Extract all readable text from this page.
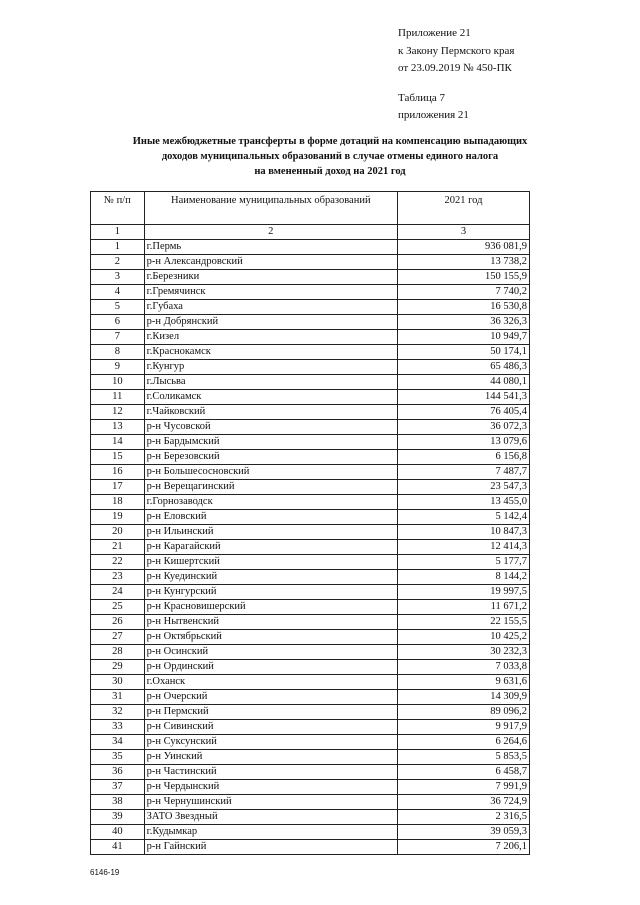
Приложение 21
к Закону Пермского края
от 23.09.2019 № 450-ПК
Таблица 7
приложения 21
Иные межбюджетные трансферты в форме дотаций на компенсацию выпадающих
доходов муниципальных образований в случае отмены единого налога
на вмененный доход на 2021 год
№ п/п	Наименование муниципальных образований	2021 год
1	2	3
1	г.Пермь	936 081,9
2	р-н Александровский	13 738,2
3	г.Березники	150 155,9
4	г.Гремячинск	7 740,2
5	г.Губаха	16 530,8
6	р-н Добрянский	36 326,3
7	г.Кизел	10 949,7
8	г.Краснокамск	50 174,1
9	г.Кунгур	65 486,3
10	г.Лысьва	44 080,1
11	г.Соликамск	144 541,3
12	г.Чайковский	76 405,4
13	р-н Чусовской	36 072,3
14	р-н Бардымский	13 079,6
15	р-н Березовский	6 156,8
16	р-н Большесосновский	7 487,7
17	р-н Верещагинский	23 547,3
18	г.Горнозаводск	13 455,0
19	р-н Еловский	5 142,4
20	р-н Ильинский	10 847,3
21	р-н Карагайский	12 414,3
22	р-н Кишертский	5 177,7
23	р-н Куединский	8 144,2
24	р-н Кунгурский	19 997,5
25	р-н Красновишерский	11 671,2
26	р-н Нытвенский	22 155,5
27	р-н Октябрьский	10 425,2
28	р-н Осинский	30 232,3
29	р-н Ординский	7 033,8
30	г.Оханск	9 631,6
31	р-н Очерский	14 309,9
32	р-н Пермский	89 096,2
33	р-н Сивинский	9 917,9
34	р-н Суксунский	6 264,6
35	р-н Уинский	5 853,5
36	р-н Частинский	6 458,7
37	р-н Чердынский	7 991,9
38	р-н Чернушинский	36 724,9
39	ЗАТО Звездный	2 316,5
40	г.Кудымкар	39 059,3
41	р-н Гайнский	7 206,1
6146-19
